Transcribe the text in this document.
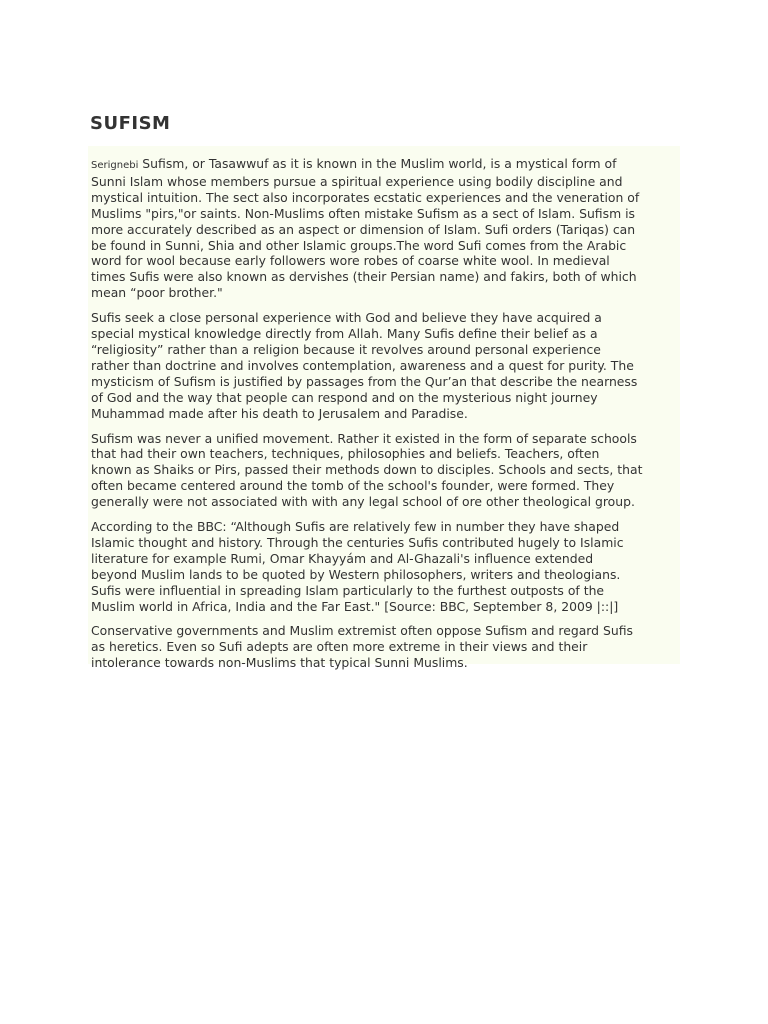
SUFISM

Serignebi Sufism, or Tasawwuf as it is known in the Muslim world, is a mystical form of
Sunni Islam whose members pursue a spiritual experience using bodily discipline and
mystical intuition. The sect also incorporates ecstatic experiences and the veneration of
Muslims "pirs,"or saints. Non-Muslims often mistake Sufism as a sect of Islam. Sufism is
more accurately described as an aspect or dimension of Islam. Sufi orders (Tariqas) can
be found in Sunni, Shia and other Islamic groups.The word Sufi comes from the Arabic
word for wool because early followers wore robes of coarse white wool. In medieval
times Sufis were also known as dervishes (their Persian name) and fakirs, both of which
mean “poor brother."

Sufis seek a close personal experience with God and believe they have acquired a
special mystical knowledge directly from Allah. Many Sufis define their belief as a
“religiosity” rather than a religion because it revolves around personal experience
rather than doctrine and involves contemplation, awareness and a quest for purity. The
mysticism of Sufism is justified by passages from the Qur’an that describe the nearness
of God and the way that people can respond and on the mysterious night journey
Muhammad made after his death to Jerusalem and Paradise.

Sufism was never a unified movement. Rather it existed in the form of separate schools
that had their own teachers, techniques, philosophies and beliefs. Teachers, often
known as Shaiks or Pirs, passed their methods down to disciples. Schools and sects, that
often became centered around the tomb of the school's founder, were formed. They
generally were not associated with with any legal school of ore other theological group.

According to the BBC: “Although Sufis are relatively few in number they have shaped
Islamic thought and history. Through the centuries Sufis contributed hugely to Islamic
literature for example Rumi, Omar Khayyám and Al-Ghazali's influence extended
beyond Muslim lands to be quoted by Western philosophers, writers and theologians.
Sufis were influential in spreading Islam particularly to the furthest outposts of the
Muslim world in Africa, India and the Far East." [Source: BBC, September 8, 2009 |::|]

Conservative governments and Muslim extremist often oppose Sufism and regard Sufis
as heretics. Even so Sufi adepts are often more extreme in their views and their
intolerance towards non-Muslims that typical Sunni Muslims.
